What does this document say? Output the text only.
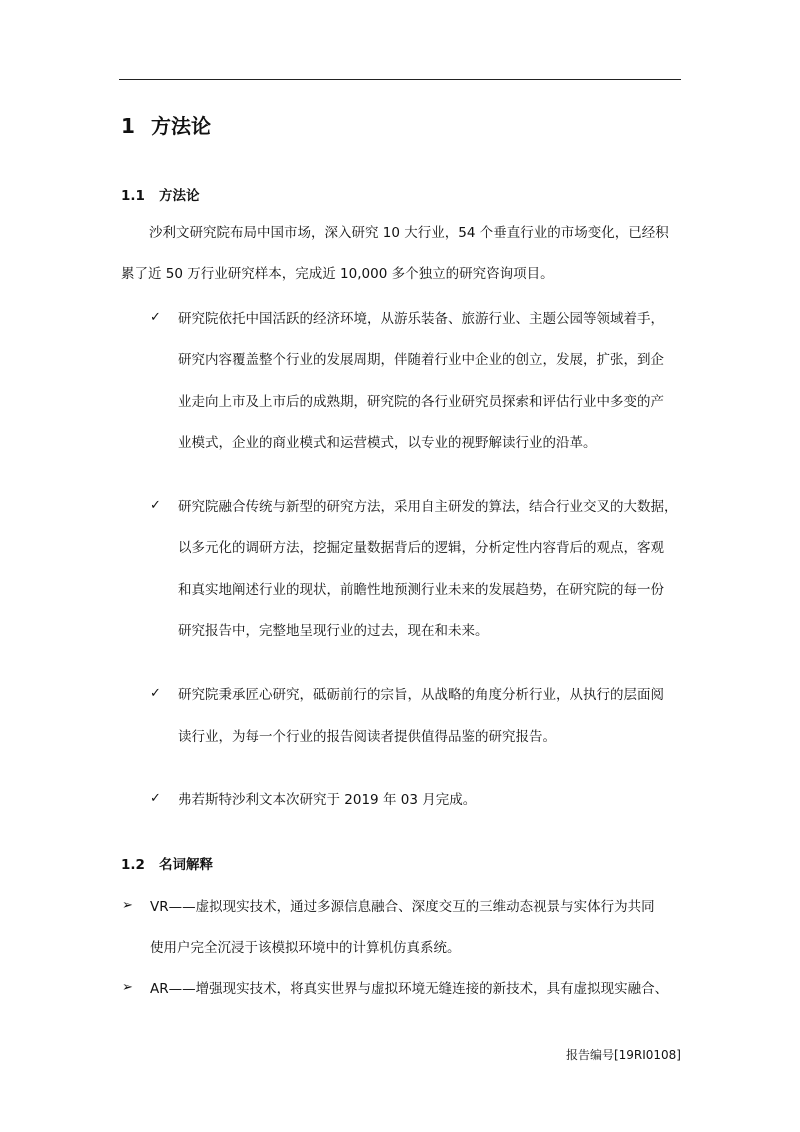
1 方法论
1.1 方法论
沙利文研究院布局中国市场，深入研究 10 大行业，54 个垂直行业的市场变化，已经积
累了近 50 万行业研究样本，完成近 10,000 多个独立的研究咨询项目。
✓ 研究院依托中国活跃的经济环境，从游乐装备、旅游行业、主题公园等领域着手，
研究内容覆盖整个行业的发展周期，伴随着行业中企业的创立，发展，扩张，到企
业走向上市及上市后的成熟期，研究院的各行业研究员探索和评估行业中多变的产
业模式，企业的商业模式和运营模式，以专业的视野解读行业的沿革。
✓ 研究院融合传统与新型的研究方法，采用自主研发的算法，结合行业交叉的大数据，
以多元化的调研方法，挖掘定量数据背后的逻辑，分析定性内容背后的观点，客观
和真实地阐述行业的现状，前瞻性地预测行业未来的发展趋势，在研究院的每一份
研究报告中，完整地呈现行业的过去，现在和未来。
✓ 研究院秉承匠心研究，砥砺前行的宗旨，从战略的角度分析行业，从执行的层面阅
读行业，为每一个行业的报告阅读者提供值得品鉴的研究报告。
✓ 弗若斯特沙利文本次研究于 2019 年 03 月完成。
1.2 名词解释
➢ VR——虚拟现实技术，通过多源信息融合、深度交互的三维动态视景与实体行为共同
使用户完全沉浸于该模拟环境中的计算机仿真系统。
➢ AR——增强现实技术，将真实世界与虚拟环境无缝连接的新技术，具有虚拟现实融合、
报告编号[19RI0108]
